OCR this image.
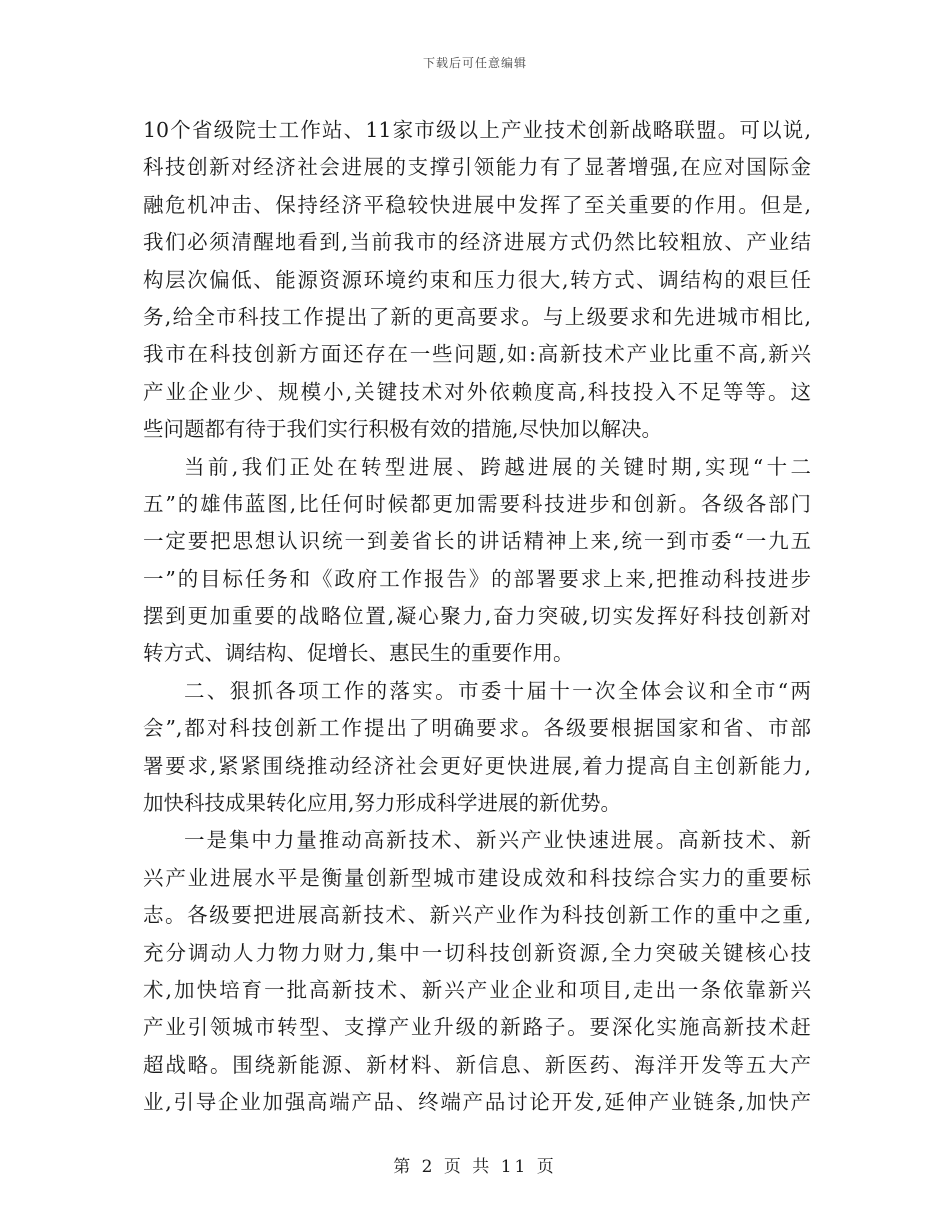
下载后可任意编辑
10个省级院士工作站、11家市级以上产业技术创新战略联盟。可以说,
科技创新对经济社会进展的支撑引领能力有了显著增强,在应对国际金
融危机冲击、保持经济平稳较快进展中发挥了至关重要的作用。但是,
我们必须清醒地看到,当前我市的经济进展方式仍然比较粗放、产业结
构层次偏低、能源资源环境约束和压力很大,转方式、调结构的艰巨任
务,给全市科技工作提出了新的更高要求。与上级要求和先进城市相比,
我市在科技创新方面还存在一些问题,如:高新技术产业比重不高,新兴
产业企业少、规模小,关键技术对外依赖度高,科技投入不足等等。这
些问题都有待于我们实行积极有效的措施,尽快加以解决。
当前,我们正处在转型进展、跨越进展的关键时期,实现“十二
五”的雄伟蓝图,比任何时候都更加需要科技进步和创新。各级各部门
一定要把思想认识统一到姜省长的讲话精神上来,统一到市委“一九五
一”的目标任务和《政府工作报告》的部署要求上来,把推动科技进步
摆到更加重要的战略位置,凝心聚力,奋力突破,切实发挥好科技创新对
转方式、调结构、促增长、惠民生的重要作用。
二、狠抓各项工作的落实。市委十届十一次全体会议和全市“两
会”,都对科技创新工作提出了明确要求。各级要根据国家和省、市部
署要求,紧紧围绕推动经济社会更好更快进展,着力提高自主创新能力,
加快科技成果转化应用,努力形成科学进展的新优势。
一是集中力量推动高新技术、新兴产业快速进展。高新技术、新
兴产业进展水平是衡量创新型城市建设成效和科技综合实力的重要标
志。各级要把进展高新技术、新兴产业作为科技创新工作的重中之重,
充分调动人力物力财力,集中一切科技创新资源,全力突破关键核心技
术,加快培育一批高新技术、新兴产业企业和项目,走出一条依靠新兴
产业引领城市转型、支撑产业升级的新路子。要深化实施高新技术赶
超战略。围绕新能源、新材料、新信息、新医药、海洋开发等五大产
业,引导企业加强高端产品、终端产品讨论开发,延伸产业链条,加快产
第 2 页 共 11 页
